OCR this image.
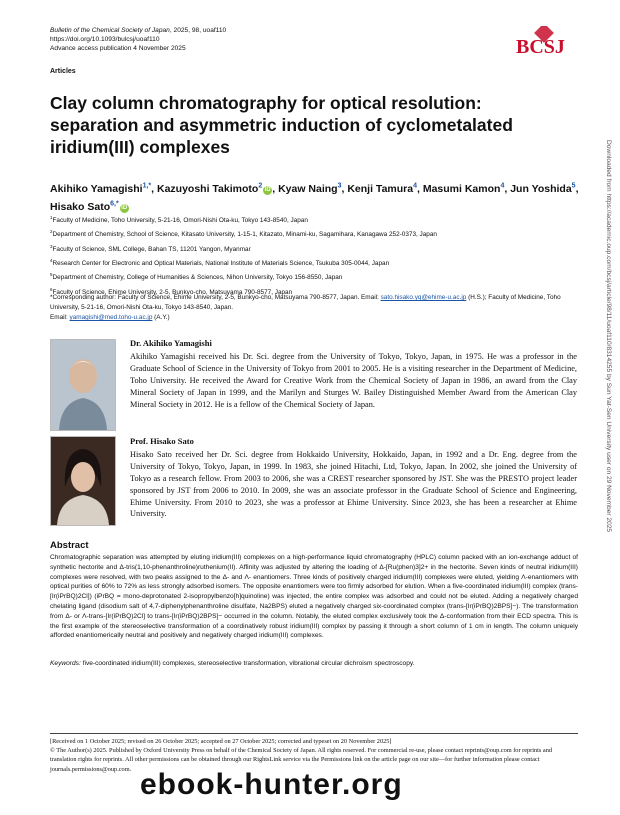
Bulletin of the Chemical Society of Japan, 2025, 98, uoaf110
https://doi.org/10.1093/bulcsj/uoaf110
Advance access publication 4 November 2025
Articles
BCSJ
Clay column chromatography for optical resolution: separation and asymmetric induction of cyclometalated iridium(III) complexes
Akihiko Yamagishi$^{1,*}$, Kazuyoshi Takimoto$^2$iD , Kyaw Naing$^3$, Kenji Tamura$^4$, Masumi Kamon$^4$, Jun Yoshida$^5$, Hisako Sato$^{6,*}$iD
$^1$Faculty of Medicine, Toho University, 5-21-16, Omori-Nishi Ota-ku, Tokyo 143-8540, Japan
$^2$Department of Chemistry, School of Science, Kitasato University, 1-15-1, Kitazato, Minami-ku, Sagamihara, Kanagawa 252-0373, Japan
$^3$Faculty of Science, SML College, Bahan TS, 11201 Yangon, Myanmar
$^4$Research Center for Electronic and Optical Materials, National Institute of Materials Science, Tsukuba 305-0044, Japan
$^5$Department of Chemistry, College of Humanities & Sciences, Nihon University, Tokyo 156-8550, Japan
$^6$Faculty of Science, Ehime University, 2-5, Bunkyo-cho, Matsuyama 790-8577, Japan
*Corresponding author: Faculty of Science, Ehime University, 2-5, Bunkyo-cho, Matsuyama 790-8577, Japan. Email: sato.hisako.yq@ehime-u.ac.jp (H.S.); Faculty of Medicine, Toho University, 5-21-16, Omori-Nishi Ota-ku, Tokyo 143-8540, Japan.
Email: yamagishi@med.toho-u.ac.jp (A.Y.)
Dr. Akihiko Yamagishi
Akihiko Yamagishi received his Dr. Sci. degree from the University of Tokyo, Tokyo, Japan, in 1975. He was a professor in the Graduate School of Science in the University of Tokyo from 2001 to 2005. He is a visiting researcher in the Department of Medicine, Toho University. He received the Award for Creative Work from the Chemical Society of Japan in 1986, an award from the Clay Mineral Society of Japan in 1999, and the Marilyn and Sturges W. Bailey Distinguished Member Award from the American Clay Mineral Society in 2012. He is a fellow of the Chemical Society of Japan.
Prof. Hisako Sato
Hisako Sato received her Dr. Sci. degree from Hokkaido University, Hokkaido, Japan, in 1992 and a Dr. Eng. degree from the University of Tokyo, Tokyo, Japan, in 1999. In 1983, she joined Hitachi, Ltd, Tokyo, Japan. In 2002, she joined the University of Tokyo as a research fellow. From 2003 to 2006, she was a CREST researcher sponsored by JST. She was the PRESTO project leader sponsored by JST from 2006 to 2010. In 2009, she was an associate professor in the Graduate School of Science and Engineering, Ehime University. From 2010 to 2023, she was a professor at Ehime University. Since 2023, she has been a researcher at Ehime University.
Abstract
Chromatographic separation was attempted by eluting iridium(III) complexes on a high-performance liquid chromatography (HPLC) column packed with an ion-exchange adduct of synthetic hectorite and Δ-tris(1,10-phenanthroline)ruthenium(II). Affinity was adjusted by altering the loading of Δ-[Ru(phen)3]2+ in the hectorite. Seven kinds of neutral iridium(III) complexes were resolved, with two peaks assigned to the Δ- and Λ- enantiomers. Three kinds of positively charged iridium(III) complexes were eluted, yielding Λ-enantiomers with optical purities of 60% to 72% as less strongly adsorbed isomers. The opposite enantiomers were too firmly adsorbed for elution. When a five-coordinated iridium(III) complex (trans-[Ir(iPrBQ)2Cl]) (iPrBQ = mono-deprotonated 2-isopropylbenzo[h]quinoline) was injected, the entire complex was adsorbed and could not be eluted. Adding a negatively charged chelating ligand (disodium salt of 4,7-diphenylphenanthroline disulfate, Na2BPS) eluted a negatively charged six-coordinated complex (trans-[Ir(iPrBQ)2BPS]−). The transformation from Δ- or Λ-trans-[Ir(iPrBQ)2Cl] to trans-[Ir(iPrBQ)2BPS]− occurred in the column. Notably, the eluted complex exclusively took the Δ-conformation from their ECD spectra. This is the first example of the stereoselective transformation of a coordinatively robust iridium(III) complex by passing it through a short column of 1 cm in length. The column uniquely afforded enantiomerically neutral and positively and negatively charged iridium(III) complexes.
Keywords: five-coordinated iridium(III) complexes, stereoselective transformation, vibrational circular dichroism spectroscopy.
[Received on 1 October 2025; revised on 26 October 2025; accepted on 27 October 2025; corrected and typeset on 20 November 2025]
© The Author(s) 2025. Published by Oxford University Press on behalf of the Chemical Society of Japan. All rights reserved. For commercial re-use, please contact reprints@oup.com for reprints and translation rights for reprints. All other permissions can be obtained through our RightsLink service via the Permissions link on the article page on our site—for further information please contact journals.permissions@oup.com.
Downloaded from https://academic.oup.com/bcsj/article/98/11/uoaf110/8314255 by Sun Yat-Sen University user on 29 November 2025
ebook-hunter.org
